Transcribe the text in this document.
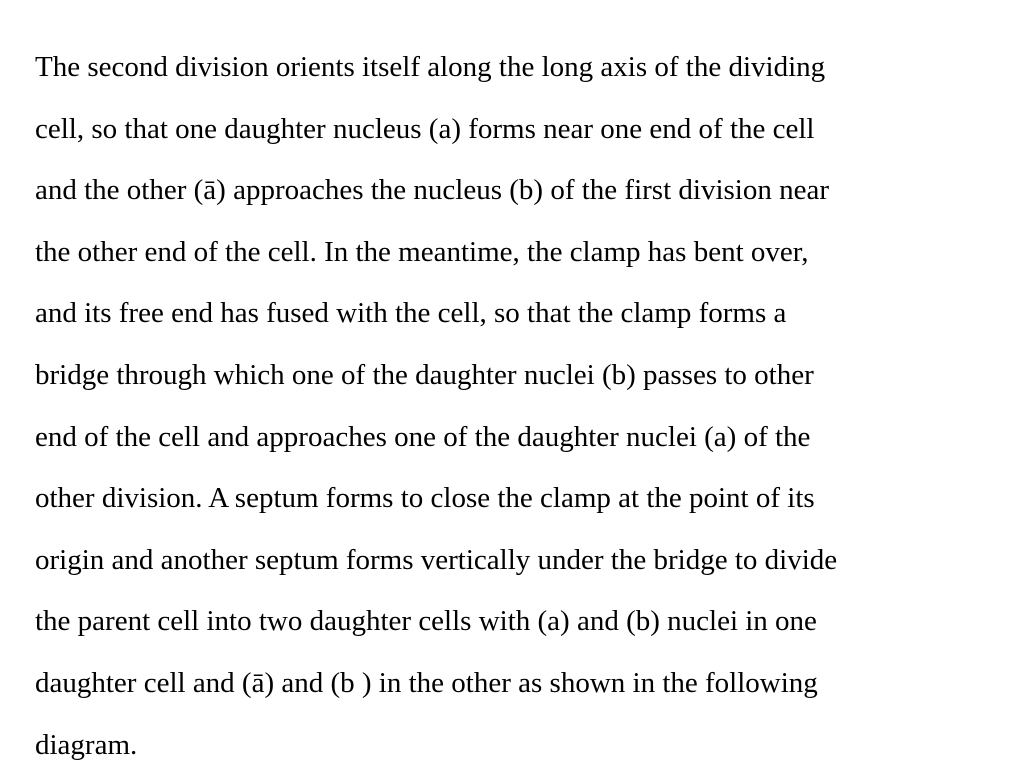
The second division orients itself along the long axis of the dividing
cell, so that one daughter nucleus (a) forms near one end of the cell
and the other (ā) approaches the nucleus (b) of the first division near
the other end of the cell. In the meantime, the clamp has bent over,
and its free end has fused with the cell, so that the clamp forms a
bridge through which one of the daughter nuclei (b) passes to other
end of the cell and approaches one of the daughter nuclei (a) of the
other division. A septum forms to close the clamp at the point of its
origin and another septum forms vertically under the bridge to divide
the parent cell into two daughter cells with (a) and (b) nuclei in one
daughter cell and (ā) and (b ) in the other as shown in the following
diagram.
